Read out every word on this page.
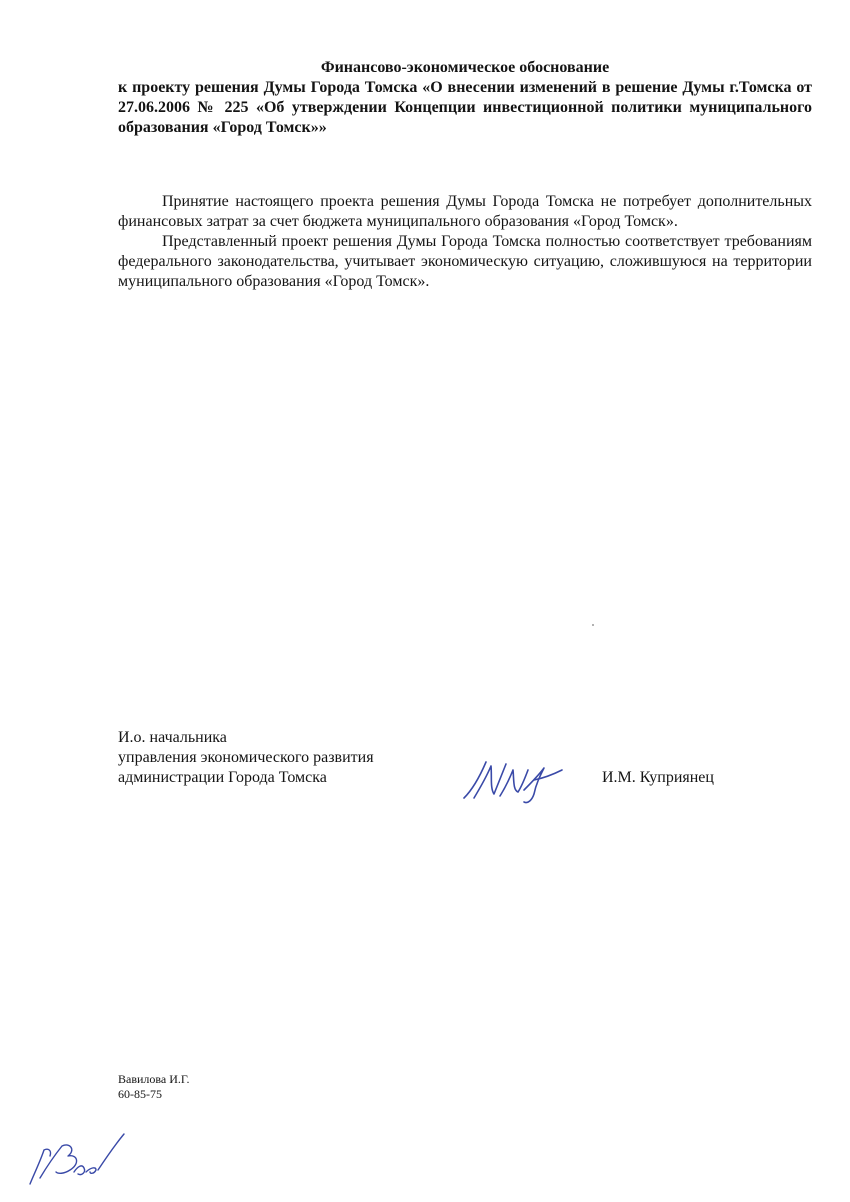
Финансово-экономическое обоснование
к проекту решения Думы Города Томска «О внесении изменений в решение Думы г.Томска от 27.06.2006 № 225 «Об утверждении Концепции инвестиционной политики муниципального образования «Город Томск»»

Принятие настоящего проекта решения Думы Города Томска не потребует дополнительных финансовых затрат за счет бюджета муниципального образования «Город Томск».

Представленный проект решения Думы Города Томска полностью соответствует требованиям федерального законодательства, учитывает экономическую ситуацию, сложившуюся на территории муниципального образования «Город Томск».

И.о. начальника
управления экономического развития
администрации Города Томска	И.М. Куприянец
Вавилова И.Г.
60-85-75
